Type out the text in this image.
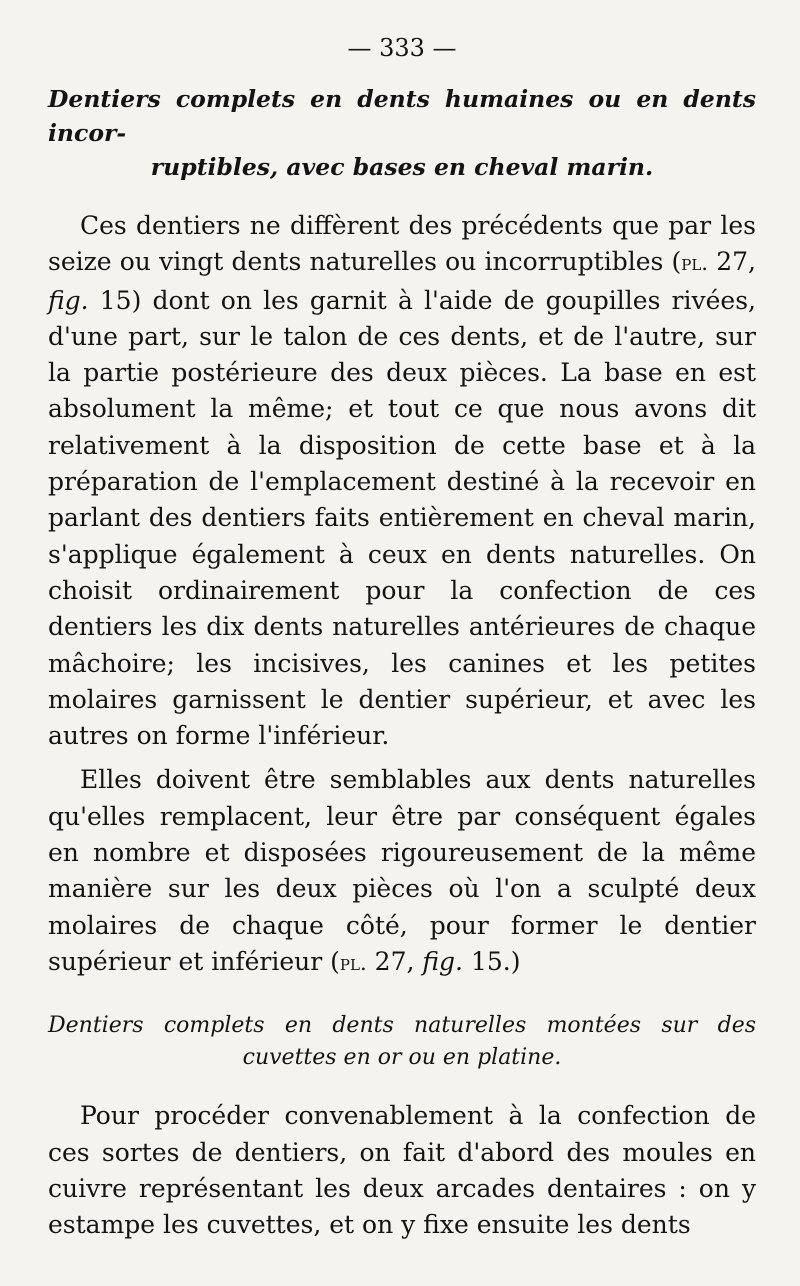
— 333 —
Dentiers complets en dents humaines ou en dents incor-
ruptibles, avec bases en cheval marin.

Ces dentiers ne diffèrent des précédents que par les seize ou vingt dents naturelles ou incorruptibles (pl. 27, fig. 15) dont on les garnit à l'aide de goupilles rivées, d'une part, sur le talon de ces dents, et de l'autre, sur la partie postérieure des deux pièces. La base en est absolument la même; et tout ce que nous avons dit relativement à la disposition de cette base et à la préparation de l'emplacement destiné à la recevoir en parlant des dentiers faits entièrement en cheval marin, s'applique également à ceux en dents naturelles. On choisit ordinairement pour la confection de ces dentiers les dix dents naturelles antérieures de chaque mâchoire; les incisives, les canines et les petites molaires garnissent le dentier supérieur, et avec les autres on forme l'inférieur.

Elles doivent être semblables aux dents naturelles qu'elles remplacent, leur être par conséquent égales en nombre et disposées rigoureusement de la même manière sur les deux pièces où l'on a sculpté deux molaires de chaque côté, pour former le dentier supérieur et inférieur (pl. 27, fig. 15.)

Dentiers complets en dents naturelles montées sur des
cuvettes en or ou en platine.

Pour procéder convenablement à la confection de ces sortes de dentiers, on fait d'abord des moules en cuivre représentant les deux arcades dentaires : on y estampe les cuvettes, et on y fixe ensuite les dents
